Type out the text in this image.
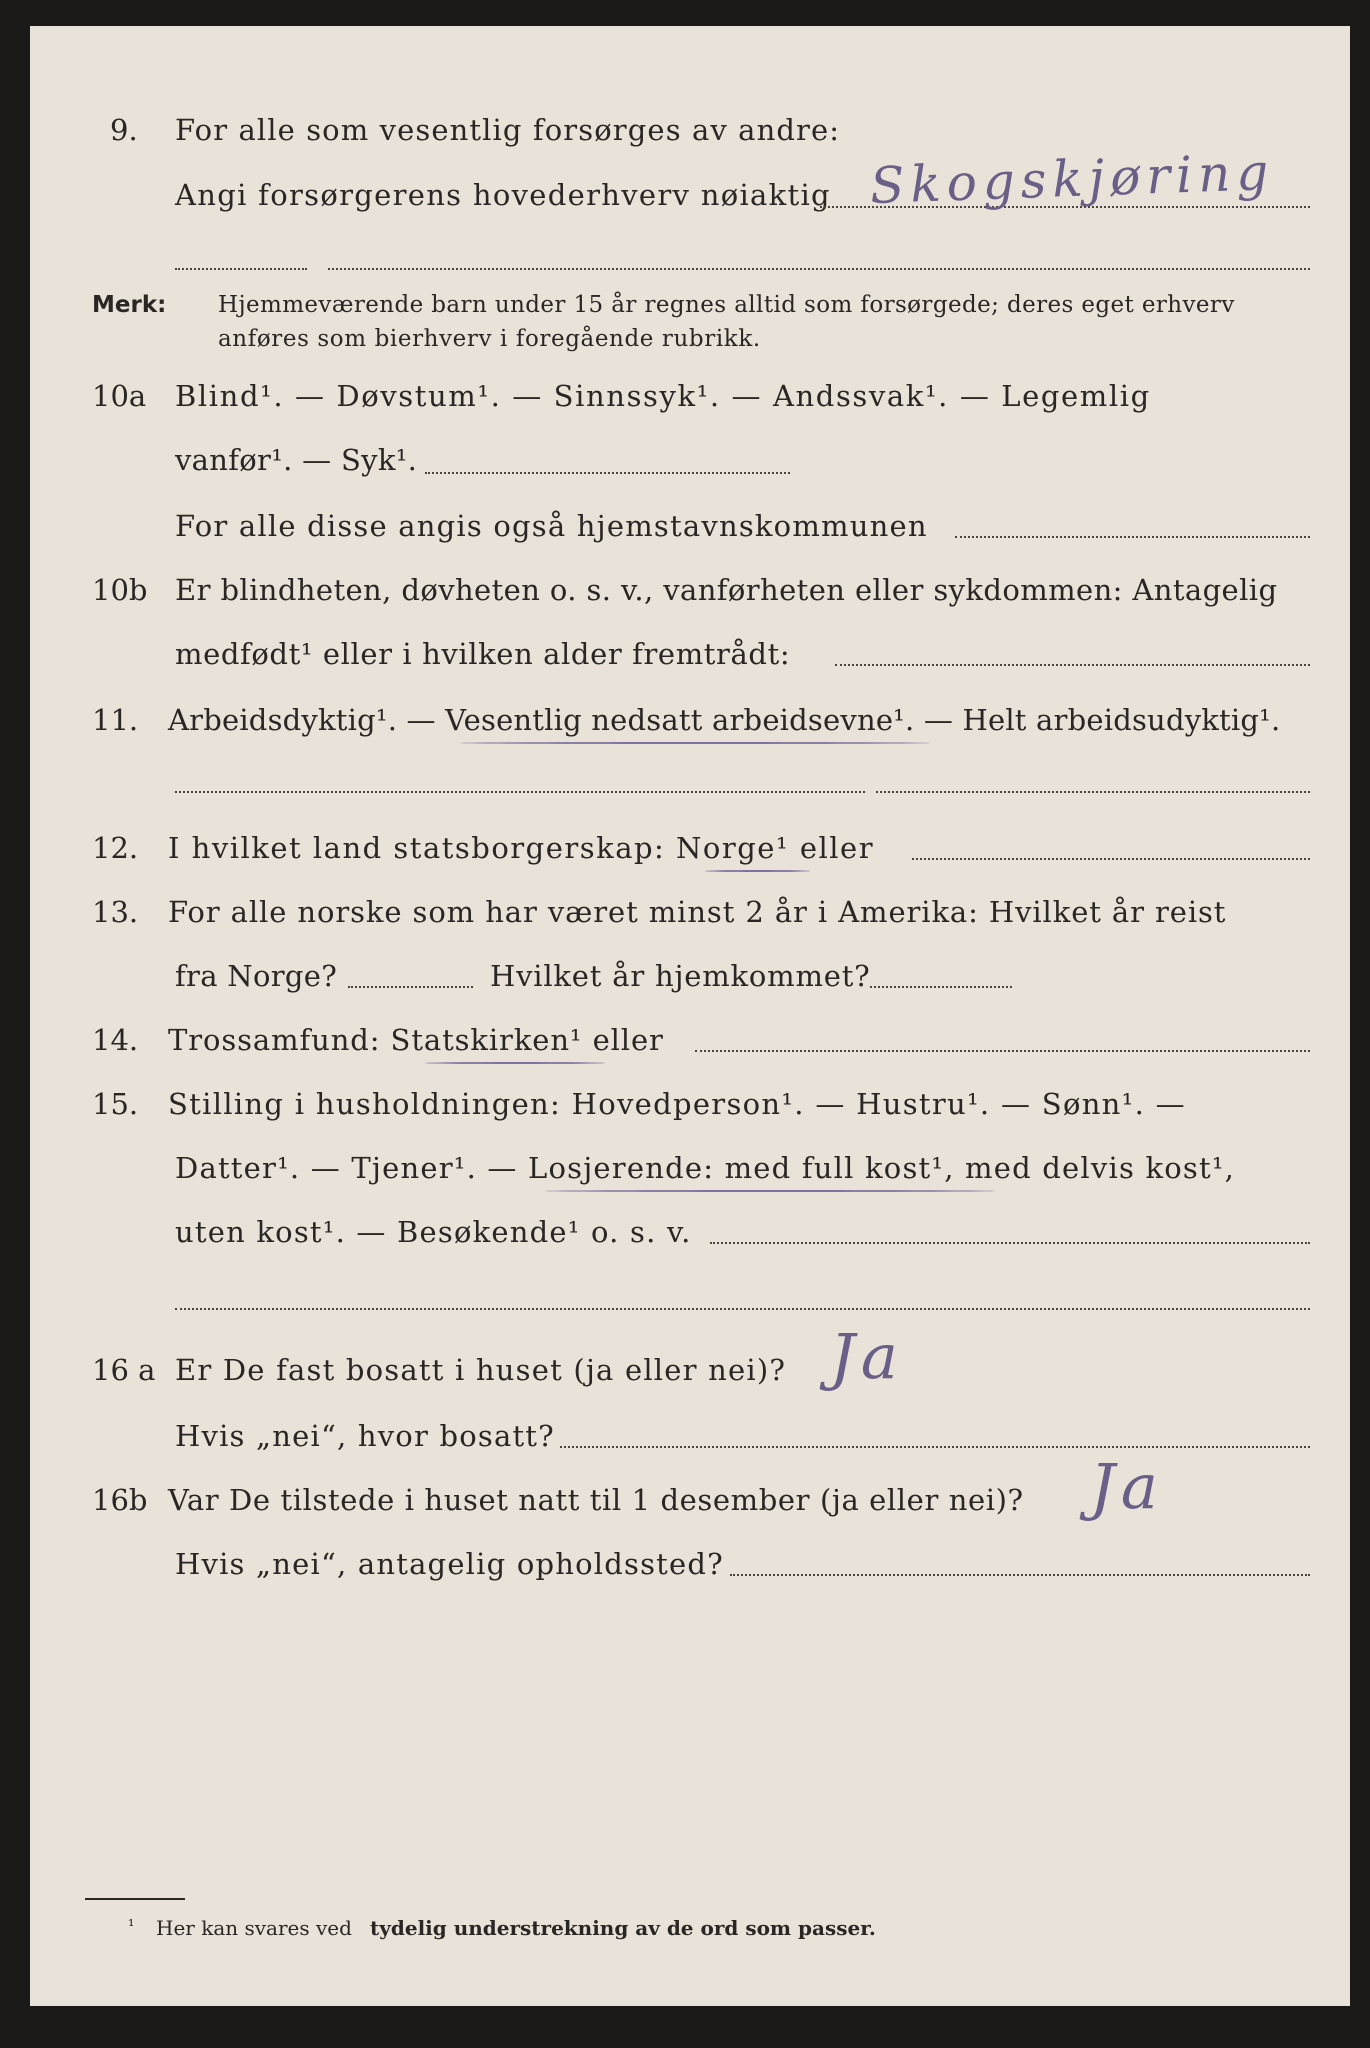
9. For alle som vesentlig forsørges av andre:
Angi forsørgerens hovederhverv nøiaktig Skogskjøring
Merk: Hjemmeværende barn under 15 år regnes alltid som forsørgede; deres eget erhverv
anføres som bierhverv i foregående rubrikk.
10a Blind¹. — Døvstum¹. — Sinnssyk¹. — Andssvak¹. — Legemlig
vanfør¹. — Syk¹.
For alle disse angis også hjemstavnskommunen
10b Er blindheten, døvheten o. s. v., vanførheten eller sykdommen: Antagelig
medfødt¹ eller i hvilken alder fremtrådt:
11. Arbeidsdyktig¹. — Vesentlig nedsatt arbeidsevne¹. — Helt arbeidsudyktig¹.
12. I hvilket land statsborgerskap: Norge¹ eller
13. For alle norske som har været minst 2 år i Amerika: Hvilket år reist
fra Norge?	Hvilket år hjemkommet?
14. Trossamfund: Statskirken¹ eller
15. Stilling i husholdningen: Hovedperson¹. — Hustru¹. — Sønn¹. —
Datter¹. — Tjener¹. — Losjerende: med full kost¹, med delvis kost¹,
uten kost¹. — Besøkende¹ o. s. v.
16 a Er De fast bosatt i huset (ja eller nei)? Ja
Hvis „nei“, hvor bosatt?
16b Var De tilstede i huset natt til 1 desember (ja eller nei)? Ja
Hvis „nei“, antagelig opholdssted?
¹ Her kan svares ved tydelig understrekning av de ord som passer.
